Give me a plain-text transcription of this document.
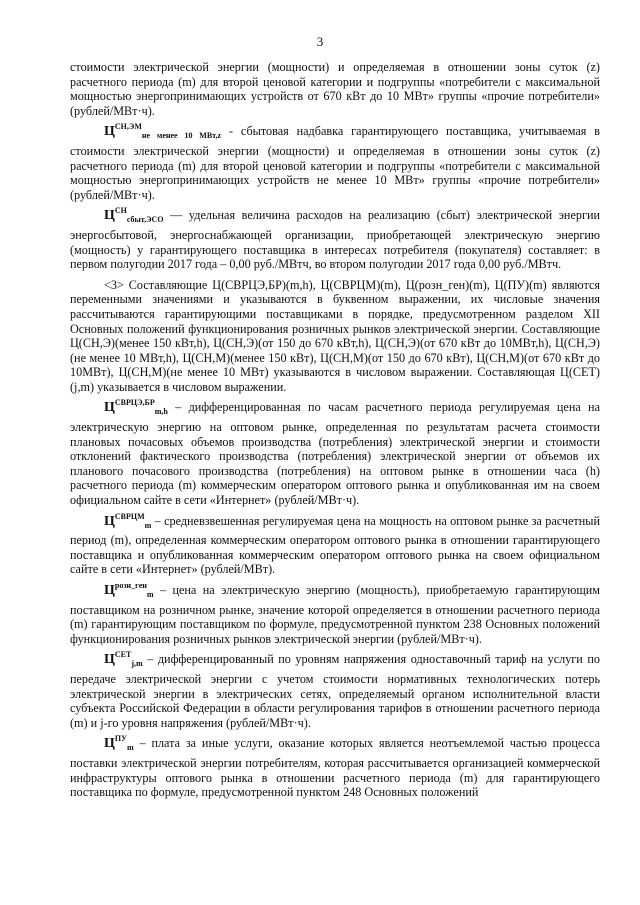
3

стоимости электрической энергии (мощности) и определяемая в отношении зоны суток (z) расчетного периода (m) для второй ценовой категории и подгруппы «потребители с максимальной мощностью энергопринимающих устройств от 670 кВт до 10 МВт» группы «прочие потребители» (рублей/МВт·ч).

$Ц^{СН,ЭМ}_{не менее 10 МВт,z}$ - сбытовая надбавка гарантирующего поставщика, учитываемая в стоимости электрической энергии (мощности) и определяемая в отношении зоны суток (z) расчетного периода (m) для второй ценовой категории и подгруппы «потребители с максимальной мощностью энергопринимающих устройств не менее 10 МВт» группы «прочие потребители» (рублей/МВт·ч).

$Ц^{СН}_{сбыт,ЭСО}$ — удельная величина расходов на реализацию (сбыт) электрической энергии энергосбытовой, энергоснабжающей организации, приобретающей электрическую энергию (мощность) у гарантирующего поставщика в интересах потребителя (покупателя) составляет: в первом полугодии 2017 года – 0,00 руб./МВтч, во втором полугодии 2017 года 0,00 руб./МВтч.

<3> Составляющие Ц(СВРЦЭ,БР)(m,h), Ц(СВРЦМ)(m), Ц(розн_ген)(m), Ц(ПУ)(m) являются переменными значениями и указываются в буквенном выражении, их числовые значения рассчитываются гарантирующими поставщиками в порядке, предусмотренном разделом XII Основных положений функционирования розничных рынков электрической энергии. Составляющие Ц(СН,Э)(менее 150 кВт,h), Ц(СН,Э)(от 150 до 670 кВт,h), Ц(СН,Э)(от 670 кВт до 10МВт,h), Ц(СН,Э)(не менее 10 МВт,h), Ц(СН,М)(менее 150 кВт), Ц(СН,М)(от 150 до 670 кВт), Ц(СН,М)(от 670 кВт до 10МВт), Ц(СН,М)(не менее 10 МВт) указываются в числовом выражении. Составляющая Ц(СЕТ)(j,m) указывается в числовом выражении.

$Ц^{СВРЦЭ,БР}_{m,h}$ – дифференцированная по часам расчетного периода регулируемая цена на электрическую энергию на оптовом рынке, определенная по результатам расчета стоимости плановых почасовых объемов производства (потребления) электрической энергии и стоимости отклонений фактического производства (потребления) электрической энергии от объемов их планового почасового производства (потребления) на оптовом рынке в отношении часа (h) расчетного периода (m) коммерческим оператором оптового рынка и опубликованная им на своем официальном сайте в сети «Интернет» (рублей/МВт·ч).

$Ц^{СВРЦМ}_m$ – средневзвешенная регулируемая цена на мощность на оптовом рынке за расчетный период (m), определенная коммерческим оператором оптового рынка в отношении гарантирующего поставщика и опубликованная коммерческим оператором оптового рынка на своем официальном сайте в сети «Интернет» (рублей/МВт).

$Ц^{розн\_ген}_m$ – цена на электрическую энергию (мощность), приобретаемую гарантирующим поставщиком на розничном рынке, значение которой определяется в отношении расчетного периода (m) гарантирующим поставщиком по формуле, предусмотренной пунктом 238 Основных положений функционирования розничных рынков электрической энергии (рублей/МВт·ч).

$Ц^{СЕТ}_{j,m}$ – дифференцированный по уровням напряжения одноставочный тариф на услуги по передаче электрической энергии с учетом стоимости нормативных технологических потерь электрической энергии в электрических сетях, определяемый органом исполнительной власти субъекта Российской Федерации в области регулирования тарифов в отношении расчетного периода (m) и j-го уровня напряжения (рублей/МВт·ч).

$Ц^{ПУ}_m$ – плата за иные услуги, оказание которых является неотъемлемой частью процесса поставки электрической энергии потребителям, которая рассчитывается организацией коммерческой инфраструктуры оптового рынка в отношении расчетного периода (m) для гарантирующего поставщика по формуле, предусмотренной пунктом 248 Основных положений
